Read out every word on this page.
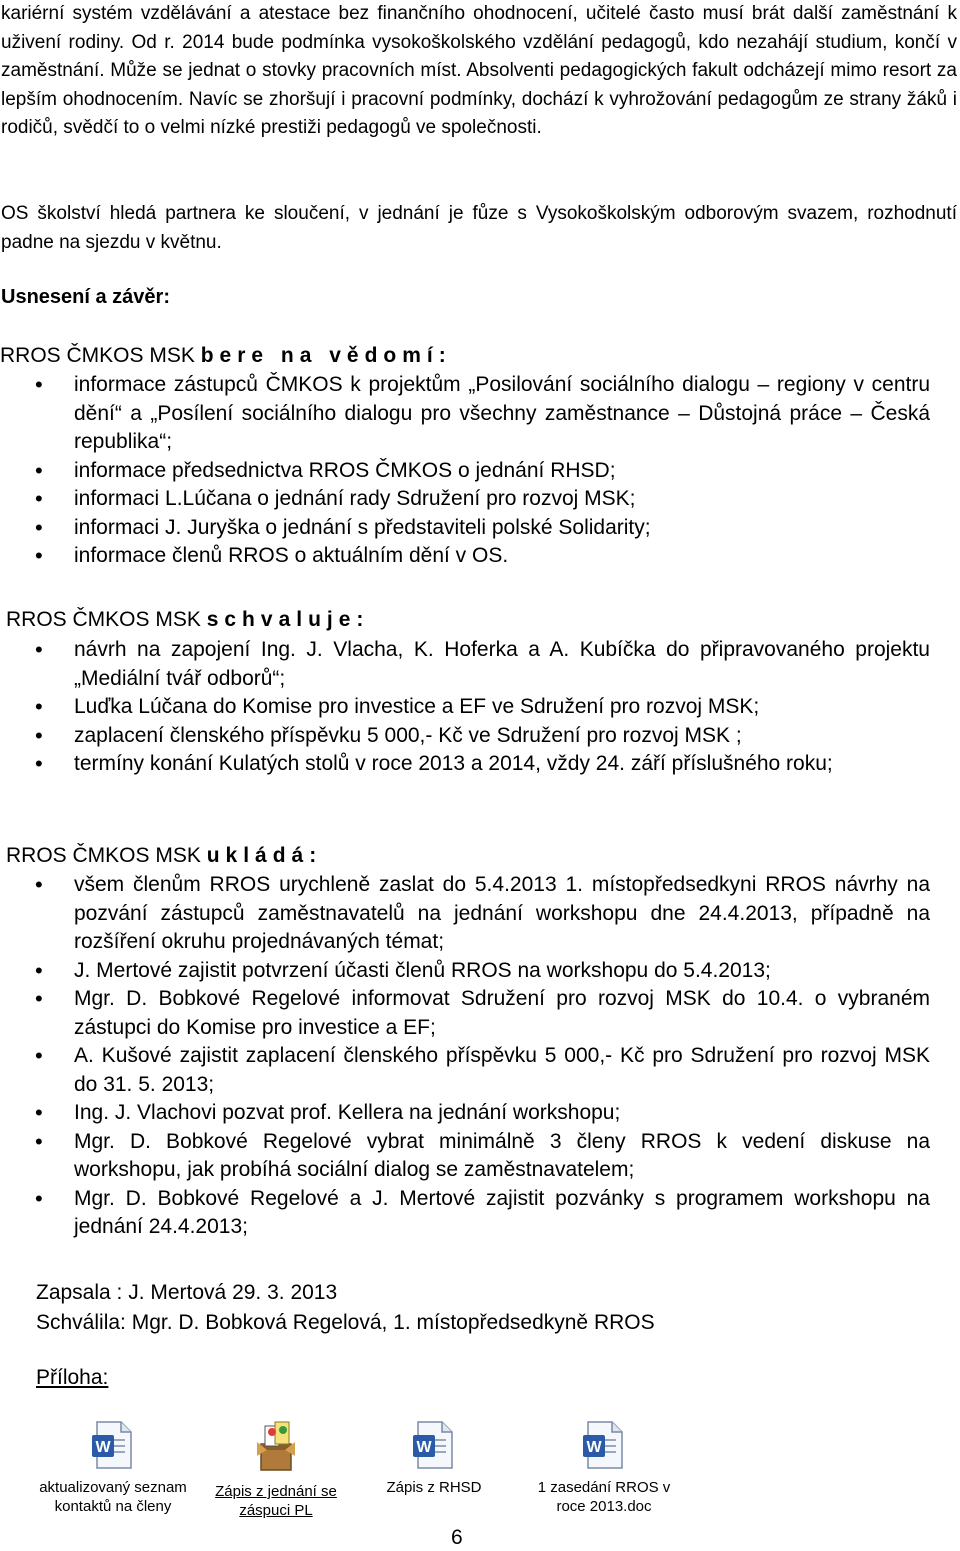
kariérní systém vzdělávání a atestace bez finančního ohodnocení, učitelé často musí brát další zaměstnání k uživení rodiny. Od r. 2014 bude podmínka vysokoškolského vzdělání pedagogů, kdo nezahájí studium, končí v zaměstnání. Může se jednat o stovky pracovních míst. Absolventi pedagogických fakult odcházejí mimo resort za lepším ohodnocením. Navíc se zhoršují i pracovní podmínky, dochází k vyhrožování pedagogům ze strany žáků i rodičů, svědčí to o velmi nízké prestiži pedagogů ve společnosti.

OS školství hledá partnera ke sloučení, v jednání je fůze s Vysokoškolským odborovým svazem, rozhodnutí padne na sjezdu v květnu.

Usnesení a závěr:

RROS ČMKOS MSK bere na vědomí:
• informace zástupců ČMKOS k projektům „Posilování sociálního dialogu – regiony v centru dění“ a „Posílení sociálního dialogu pro všechny zaměstnance – Důstojná práce – Česká republika“;
• informace předsednictva RROS ČMKOS o jednání RHSD;
• informaci L.Lúčana o jednání rady Sdružení pro rozvoj MSK;
• informaci J. Juryška o jednání s představiteli polské Solidarity;
• informace členů RROS o aktuálním dění v OS.
RROS ČMKOS MSK schvaluje:
• návrh na zapojení Ing. J. Vlacha, K. Hoferka a A. Kubíčka do připravovaného projektu „Mediální tvář odborů“;
• Luďka Lúčana do Komise pro investice a EF ve Sdružení pro rozvoj MSK;
• zaplacení členského příspěvku 5 000,- Kč ve Sdružení pro rozvoj MSK ;
• termíny konání Kulatých stolů v roce 2013 a 2014, vždy 24. září příslušného roku;
RROS ČMKOS MSK ukládá:
• všem členům RROS urychleně zaslat do 5.4.2013 1. místopředsedkyni RROS návrhy na pozvání zástupců zaměstnavatelů na jednání workshopu dne 24.4.2013, případně na rozšíření okruhu projednávaných témat;
• J. Mertové zajistit potvrzení účasti členů RROS na workshopu do 5.4.2013;
• Mgr. D. Bobkové Regelové informovat Sdružení pro rozvoj MSK do 10.4. o vybraném zástupci do Komise pro investice a EF;
• A. Kušové zajistit zaplacení členského příspěvku 5 000,- Kč pro Sdružení pro rozvoj MSK do 31. 5. 2013;
• Ing. J. Vlachovi pozvat prof. Kellera na jednání workshopu;
• Mgr. D. Bobkové Regelové vybrat minimálně 3 členy RROS k vedení diskuse na workshopu, jak probíhá sociální dialog se zaměstnavatelem;
• Mgr. D. Bobkové Regelové a J. Mertové zajistit pozvánky s programem workshopu na jednání 24.4.2013;

Zapsala : J. Mertová 29. 3. 2013

Schválila: Mgr. D. Bobková Regelová, 1. místopředsedkyně RROS

Příloha:
W
aktualizovaný seznam
kontaktů na členy
Zápis z jednání se
záspuci PL
W
Zápis z RHSD

W
1 zasedání RROS v
roce 2013.doc
6
